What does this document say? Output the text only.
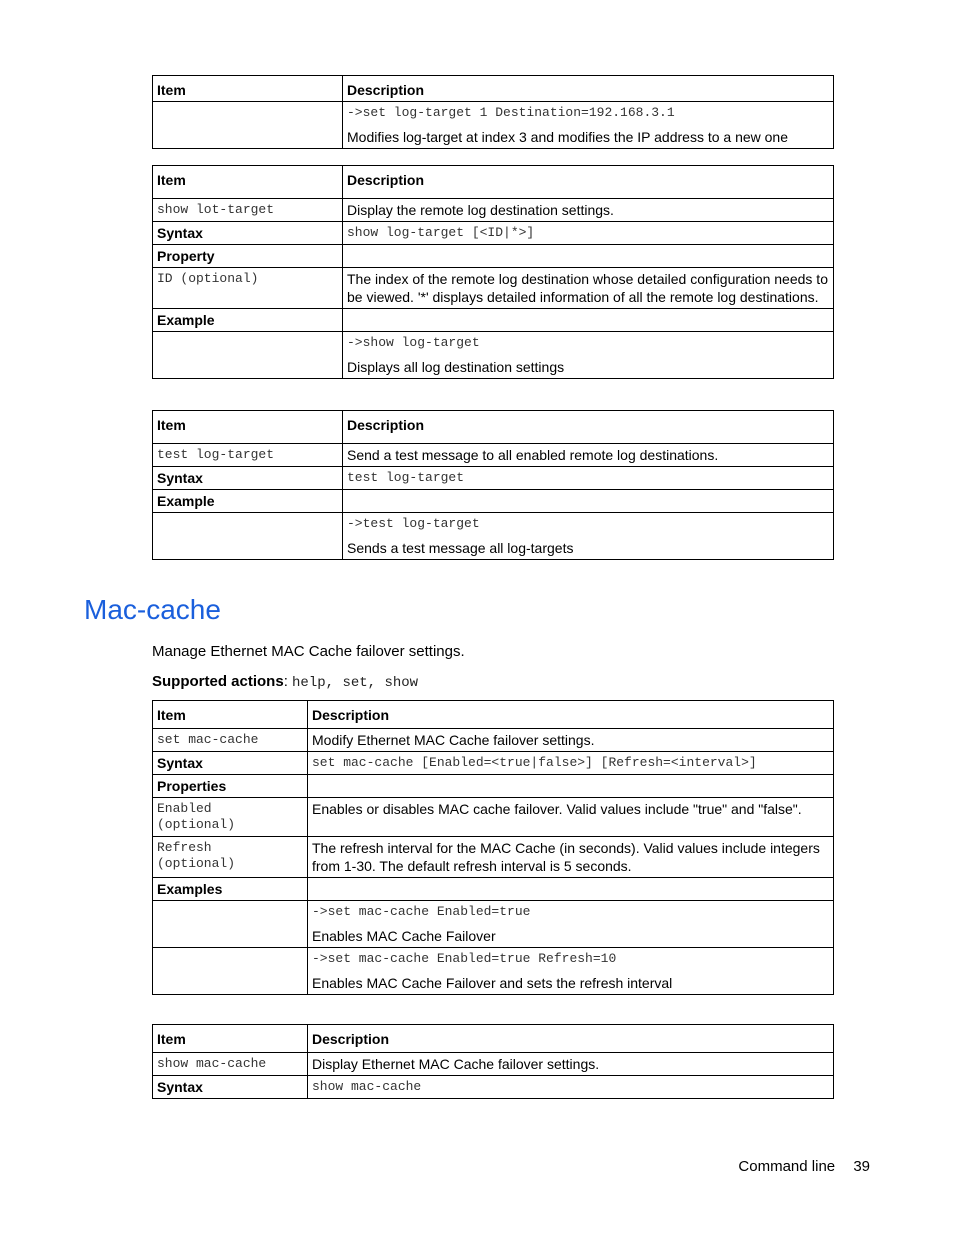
Item	Description

	->set log-target 1 Destination=192.168.3.1
Modifies log-target at index 3 and modifies the IP address to a new one
Item	Description
show lot-target	Display the remote log destination settings.
Syntax	show log-target [<ID|*>]
Property	
ID (optional)	The index of the remote log destination whose detailed configuration needs to be viewed. '*' displays detailed information of all the remote log destinations.
Example	

	->show log-target
Displays all log destination settings
Item	Description
test log-target	Send a test message to all enabled remote log destinations.
Syntax	test log-target
Example	

	->test log-target
Sends a test message all log-targets
Mac-cache
Manage Ethernet MAC Cache failover settings.
Supported actions: help, set, show
Item	Description
set mac-cache	Modify Ethernet MAC Cache failover settings.
Syntax	set mac-cache [Enabled=<true|false>] [Refresh=<interval>]
Properties	

Enabled
(optional)	Enables or disables MAC cache failover. Valid values include "true" and "false".

Refresh
(optional)	The refresh interval for the MAC Cache (in seconds). Valid values include integers from 1-30. The default refresh interval is 5 seconds.
Examples	

	->set mac-cache Enabled=true
Enables MAC Cache Failover

	->set mac-cache Enabled=true Refresh=10
Enables MAC Cache Failover and sets the refresh interval
Item	Description
show mac-cache	Display Ethernet MAC Cache failover settings.
Syntax	show mac-cache
Command line 39
